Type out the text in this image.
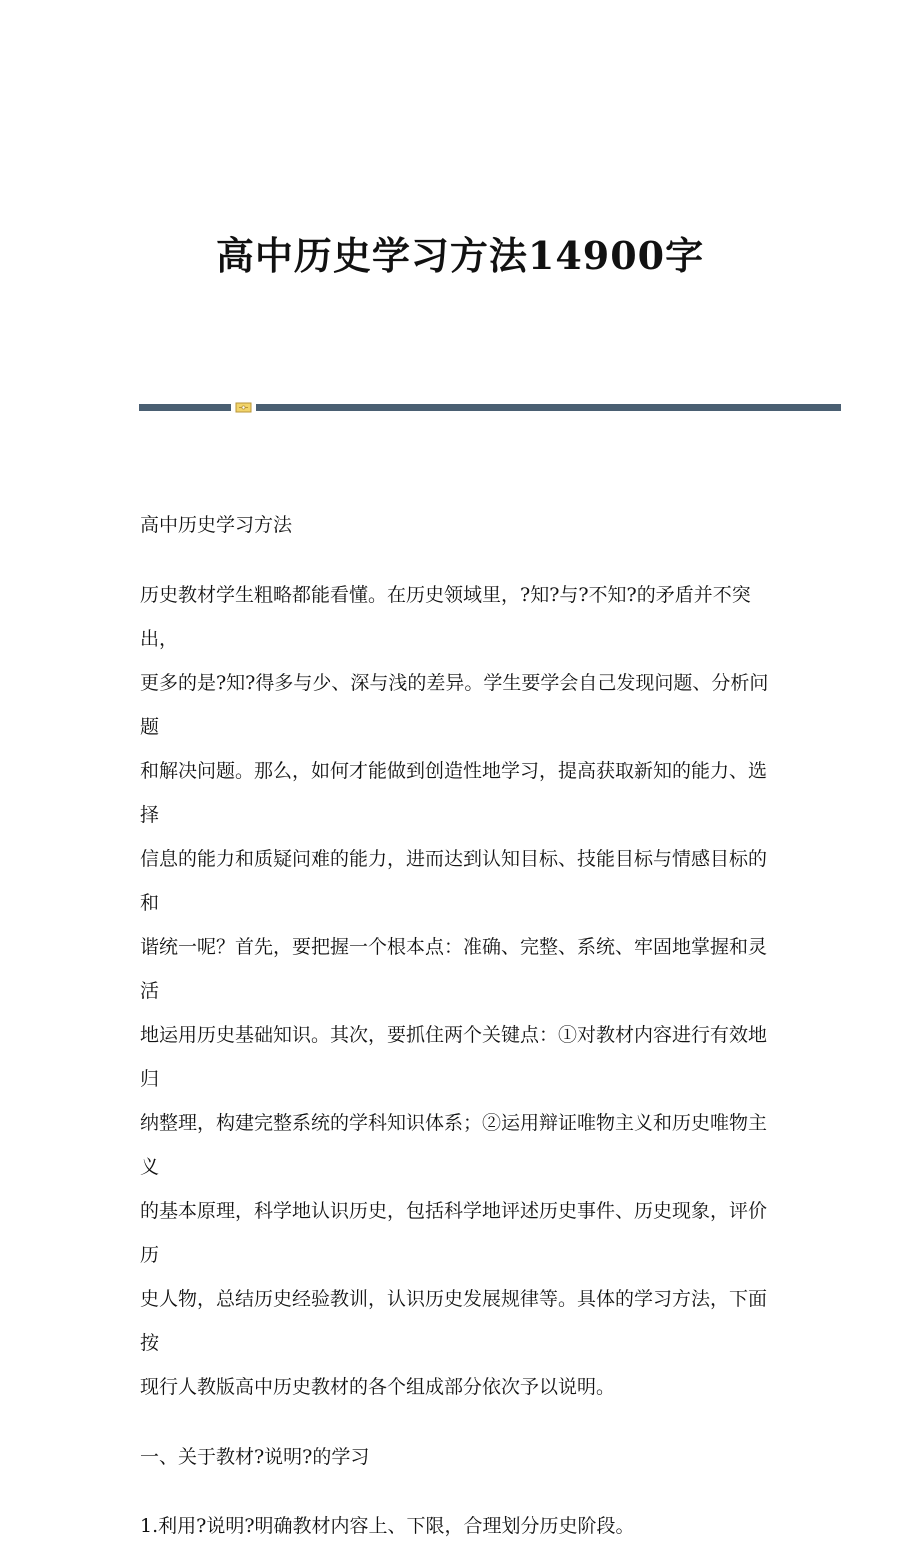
高中历史学习方法14900字

高中历史学习方法

历史教材学生粗略都能看懂。在历史领域里，?知?与?不知?的矛盾并不突出，

更多的是?知?得多与少、深与浅的差异。学生要学会自己发现问题、分析问题

和解决问题。那么，如何才能做到创造性地学习，提高获取新知的能力、选择

信息的能力和质疑问难的能力，进而达到认知目标、技能目标与情感目标的和

谐统一呢？首先，要把握一个根本点：准确、完整、系统、牢固地掌握和灵活

地运用历史基础知识。其次，要抓住两个关键点：①对教材内容进行有效地归

纳整理，构建完整系统的学科知识体系；②运用辩证唯物主义和历史唯物主义

的基本原理，科学地认识历史，包括科学地评述历史事件、历史现象，评价历

史人物，总结历史经验教训，认识历史发展规律等。具体的学习方法，下面按

现行人教版高中历史教材的各个组成部分依次予以说明。

一、关于教材?说明?的学习

1.利用?说明?明确教材内容上、下限，合理划分历史阶段。
